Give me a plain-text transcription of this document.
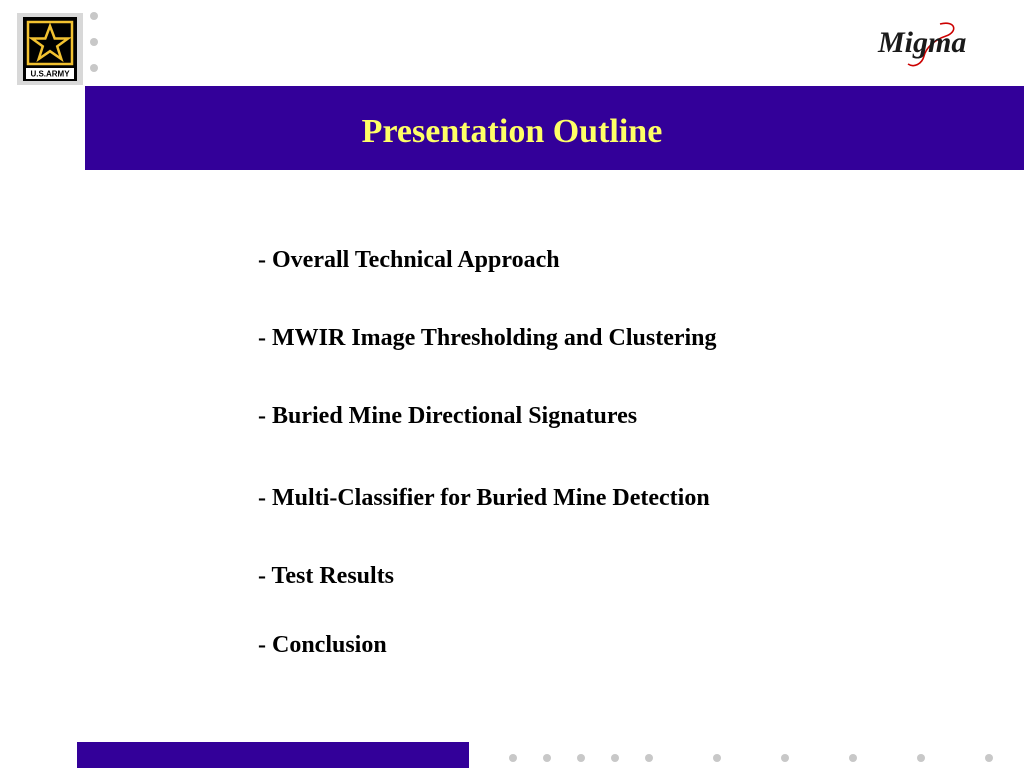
U.S.ARMY
Migma
Presentation Outline

- Overall Technical Approach

- MWIR Image Thresholding and Clustering

- Buried Mine Directional Signatures

- Multi-Classifier for Buried Mine Detection

- Test Results

- Conclusion
